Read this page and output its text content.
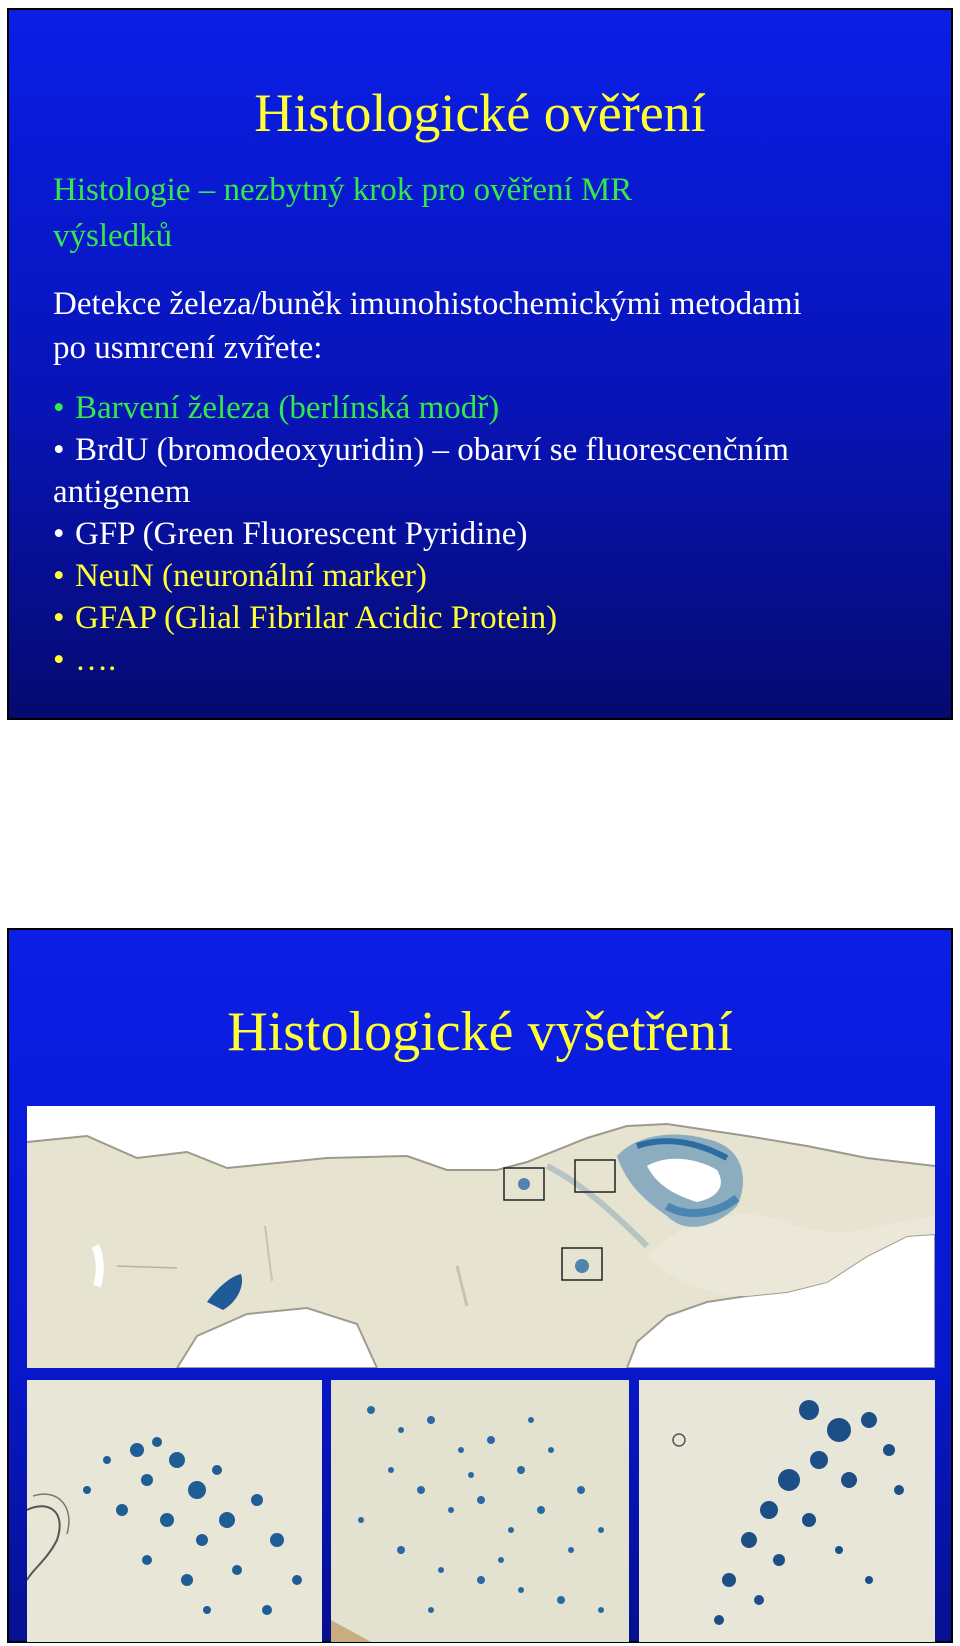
Histologické ověření
Histologie – nezbytný krok pro ověření MR
výsledků
Detekce železa/buněk imunohistochemickými metodami
po usmrcení zvířete:
• Barvení železa (berlínská modř)
• BrdU (bromodeoxyuridin) – obarví se fluorescenčním
antigenem
• GFP (Green Fluorescent Pyridine)
• NeuN (neuronální marker)
• GFAP (Glial Fibrilar Acidic Protein)
• ….
Histologické vyšetření
